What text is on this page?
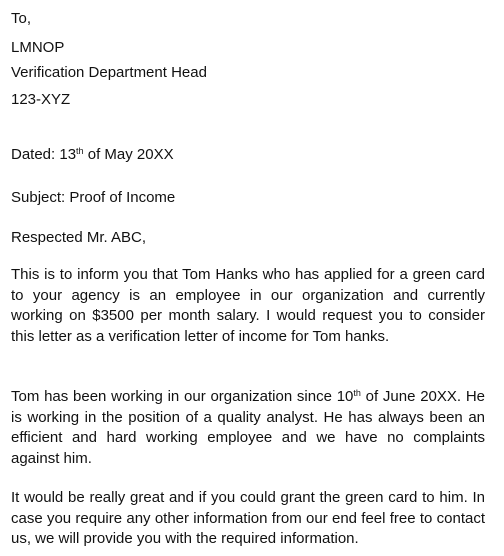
To,
LMNOP
Verification Department Head
123-XYZ
Dated: 13th of May 20XX
Subject: Proof of Income
Respected Mr. ABC,
This is to inform you that Tom Hanks who has applied for a green card to your agency is an employee in our organization and currently working on $3500 per month salary. I would request you to consider this letter as a verification letter of income for Tom hanks.
Tom has been working in our organization since 10th of June 20XX. He is working in the position of a quality analyst. He has always been an efficient and hard working employee and we have no complaints against him.
It would be really great and if you could grant the green card to him. In case you require any other information from our end feel free to contact us, we will provide you with the required information.
